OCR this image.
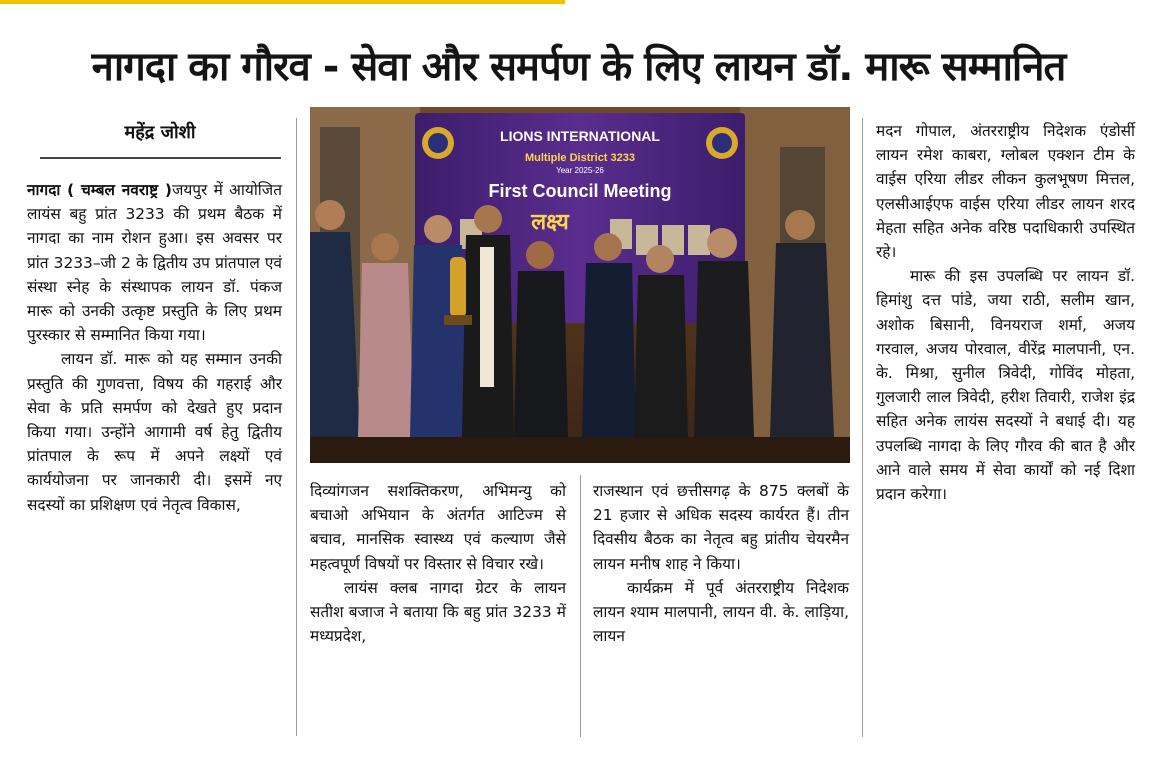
नागदा का गौरव - सेवा और समर्पण के लिए लायन डॉ. मारू सम्मानित
महेंद्र जोशी

नागदा ( चम्बल नवराष्ट्र )जयपुर में आयोजित लायंस बहु प्रांत 3233 की प्रथम बैठक में नागदा का नाम रोशन हुआ। इस अवसर पर प्रांत 3233–जी 2 के द्वितीय उप प्रांतपाल एवं संस्था स्नेह के संस्थापक लायन डॉ. पंकज मारू को उनकी उत्कृष्ट प्रस्तुति के लिए प्रथम पुरस्कार से सम्मानित किया गया।

लायन डॉ. मारू को यह सम्मान उनकी प्रस्तुति की गुणवत्ता, विषय की गहराई और सेवा के प्रति समर्पण को देखते हुए प्रदान किया गया। उन्होंने आगामी वर्ष हेतु द्वितीय प्रांतपाल के रूप में अपने लक्ष्यों एवं कार्ययोजना पर जानकारी दी। इसमें नए सदस्यों का प्रशिक्षण एवं नेतृत्व विकास,

LIONS INTERNATIONAL
Multiple District 3233
Year 2025-26
First Council Meeting
लक्ष्य

दिव्यांगजन सशक्तिकरण, अभिमन्यु को बचाओ अभियान के अंतर्गत आटिज्म से बचाव, मानसिक स्वास्थ्य एवं कल्याण जैसे महत्वपूर्ण विषयों पर विस्तार से विचार रखे।

लायंस क्लब नागदा ग्रेटर के लायन सतीश बजाज ने बताया कि बहु प्रांत 3233 में मध्यप्रदेश,

राजस्थान एवं छत्तीसगढ़ के 875 क्लबों के 21 हजार से अधिक सदस्य कार्यरत हैं। तीन दिवसीय बैठक का नेतृत्व बहु प्रांतीय चेयरमैन लायन मनीष शाह ने किया।

कार्यक्रम में पूर्व अंतरराष्ट्रीय निदेशक लायन श्याम मालपानी, लायन वी. के. लाड़िया, लायन

मदन गोपाल, अंतरराष्ट्रीय निदेशक एंडोर्सी लायन रमेश काबरा, ग्लोबल एक्शन टीम के वाईस एरिया लीडर लीकन कुलभूषण मित्तल, एलसीआईएफ वाईस एरिया लीडर लायन शरद मेहता सहित अनेक वरिष्ठ पदाधिकारी उपस्थित रहे।

मारू की इस उपलब्धि पर लायन डॉ. हिमांशु दत्त पांडे, जया राठी, सलीम खान, अशोक बिसानी, विनयराज शर्मा, अजय गरवाल, अजय पोरवाल, वीरेंद्र मालपानी, एन. के. मिश्रा, सुनील त्रिवेदी, गोविंद मोहता, गुलजारी लाल त्रिवेदी, हरीश तिवारी, राजेश इंद्र सहित अनेक लायंस सदस्यों ने बधाई दी। यह उपलब्धि नागदा के लिए गौरव की बात है और आने वाले समय में सेवा कार्यों को नई दिशा प्रदान करेगा।
